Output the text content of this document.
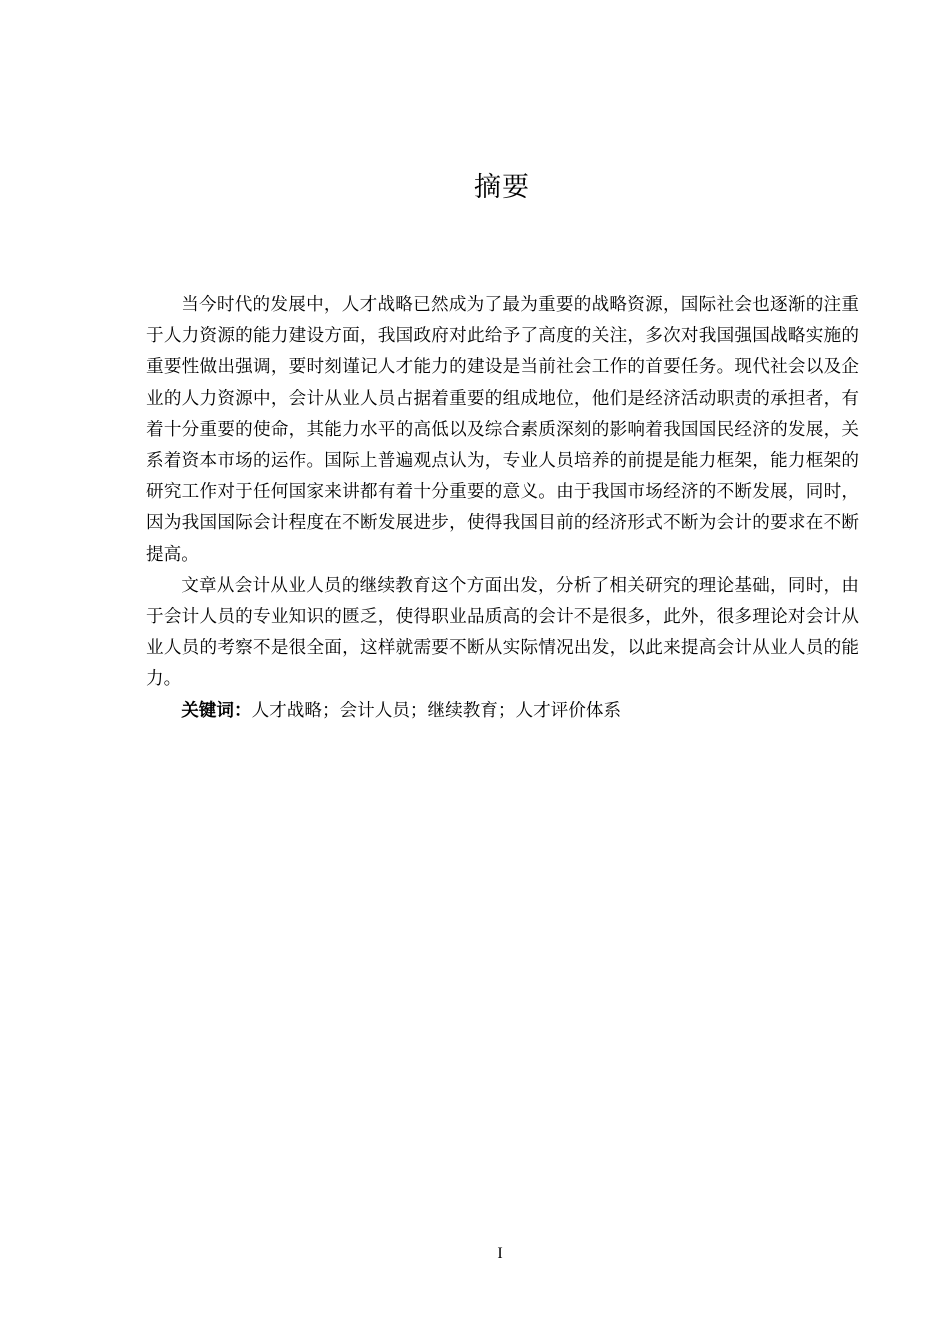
摘要

当今时代的发展中，人才战略已然成为了最为重要的战略资源，国际社会也逐渐的注重于人力资源的能力建设方面，我国政府对此给予了高度的关注，多次对我国强国战略实施的重要性做出强调，要时刻谨记人才能力的建设是当前社会工作的首要任务。现代社会以及企业的人力资源中，会计从业人员占据着重要的组成地位，他们是经济活动职责的承担者，有着十分重要的使命，其能力水平的高低以及综合素质深刻的影响着我国国民经济的发展，关系着资本市场的运作。国际上普遍观点认为，专业人员培养的前提是能力框架，能力框架的研究工作对于任何国家来讲都有着十分重要的意义。由于我国市场经济的不断发展，同时，因为我国国际会计程度在不断发展进步，使得我国目前的经济形式不断为会计的要求在不断提高。

文章从会计从业人员的继续教育这个方面出发，分析了相关研究的理论基础，同时，由于会计人员的专业知识的匮乏，使得职业品质高的会计不是很多，此外，很多理论对会计从业人员的考察不是很全面，这样就需要不断从实际情况出发，以此来提高会计从业人员的能力。

关键词：人才战略；会计人员；继续教育；人才评价体系

I
